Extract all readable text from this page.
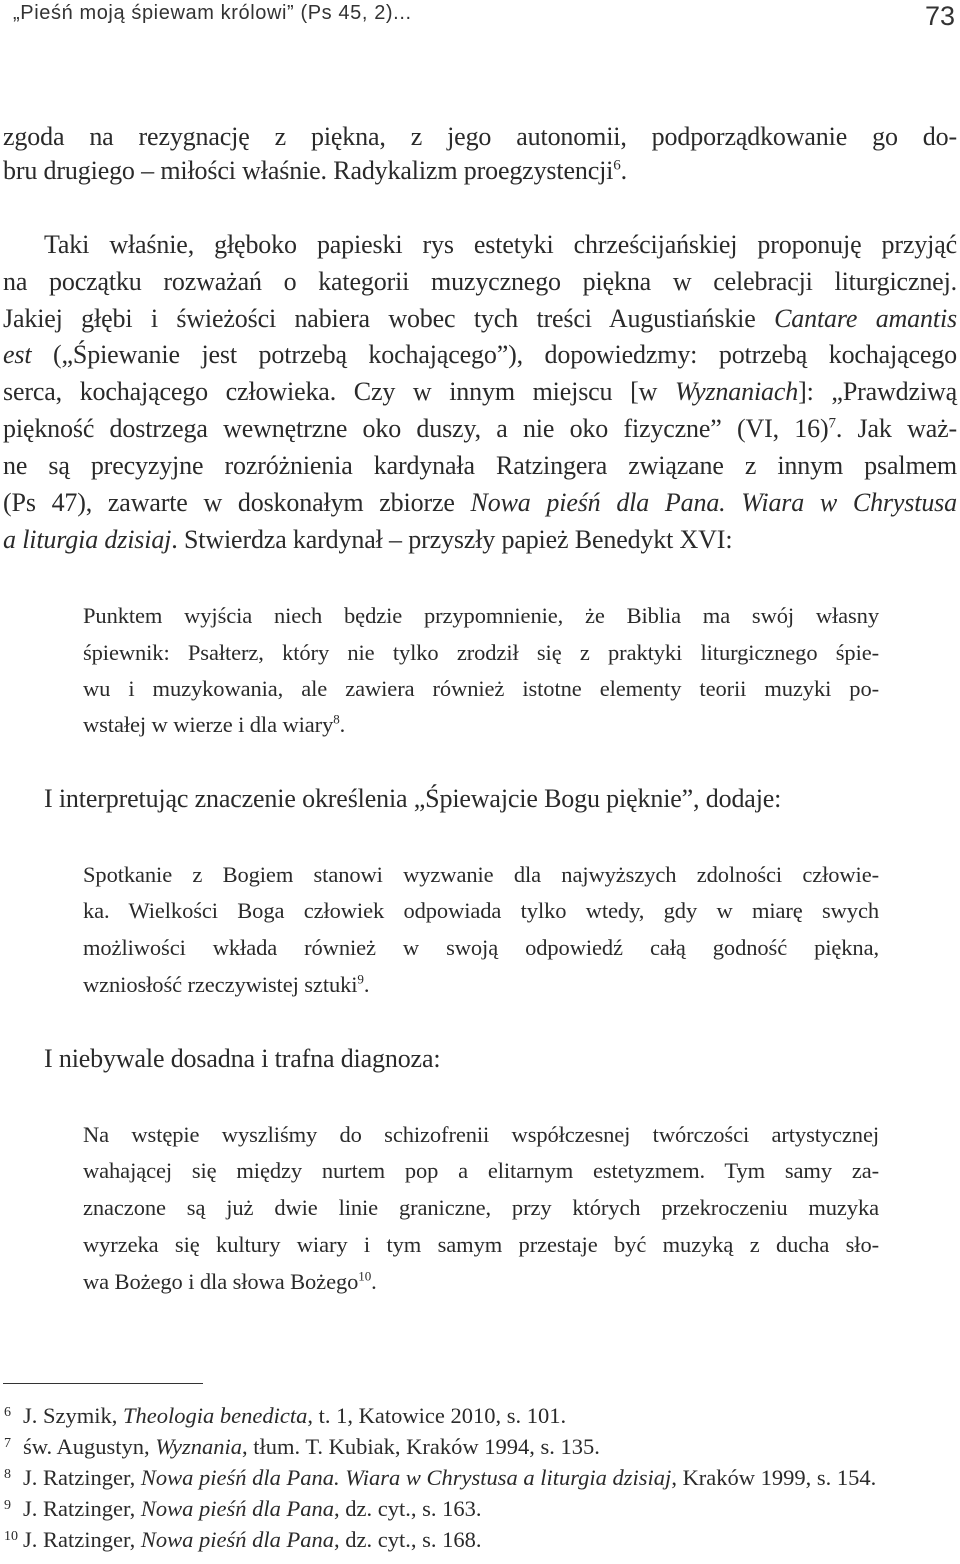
„Pieśń moją śpiewam królowi” (Ps 45, 2)...	73
zgoda na rezygnację z piękna, z jego autonomii, podporządkowanie go do-
bru drugiego – miłości właśnie. Radykalizm proegzystencji$^6$.
Taki właśnie, głęboko papieski rys estetyki chrześcijańskiej proponuję przyjąć
na początku rozważań o kategorii muzycznego piękna w celebracji liturgicznej.
Jakiej głębi i świeżości nabiera wobec tych treści Augustiańskie Cantare amantis
est („Śpiewanie jest potrzebą kochającego”), dopowiedzmy: potrzebą kochającego
serca, kochającego człowieka. Czy w innym miejscu [w Wyznaniach]: „Prawdziwą
piękność dostrzega wewnętrzne oko duszy, a nie oko fizyczne” (VI, 16)$^7$. Jak waż-
ne są precyzyjne rozróżnienia kardynała Ratzingera związane z innym psalmem
(Ps 47), zawarte w doskonałym zbiorze Nowa pieśń dla Pana. Wiara w Chrystusa
a liturgia dzisiaj. Stwierdza kardynał – przyszły papież Benedykt XVI:
Punktem wyjścia niech będzie przypomnienie, że Biblia ma swój własny
śpiewnik: Psałterz, który nie tylko zrodził się z praktyki liturgicznego śpie-
wu i muzykowania, ale zawiera również istotne elementy teorii muzyki po-
wstałej w wierze i dla wiary$^8$.
I interpretując znaczenie określenia „Śpiewajcie Bogu pięknie”, dodaje:
Spotkanie z Bogiem stanowi wyzwanie dla najwyższych zdolności człowie-
ka. Wielkości Boga człowiek odpowiada tylko wtedy, gdy w miarę swych
możliwości wkłada również w swoją odpowiedź całą godność piękna,
wzniosłość rzeczywistej sztuki$^9$.
I niebywale dosadna i trafna diagnoza:
Na wstępie wyszliśmy do schizofrenii współczesnej twórczości artystycznej
wahającej się między nurtem pop a elitarnym estetyzmem. Tym samy za-
znaczone są już dwie linie graniczne, przy których przekroczeniu muzyka
wyrzeka się kultury wiary i tym samym przestaje być muzyką z ducha sło-
wa Bożego i dla słowa Bożego$^{10}$.
6 J. Szymik, Theologia benedicta, t. 1, Katowice 2010, s. 101.
7 św. Augustyn, Wyznania, tłum. T. Kubiak, Kraków 1994, s. 135.
8 J. Ratzinger, Nowa pieśń dla Pana. Wiara w Chrystusa a liturgia dzisiaj, Kraków 1999, s. 154.
9 J. Ratzinger, Nowa pieśń dla Pana, dz. cyt., s. 163.
10 J. Ratzinger, Nowa pieśń dla Pana, dz. cyt., s. 168.
